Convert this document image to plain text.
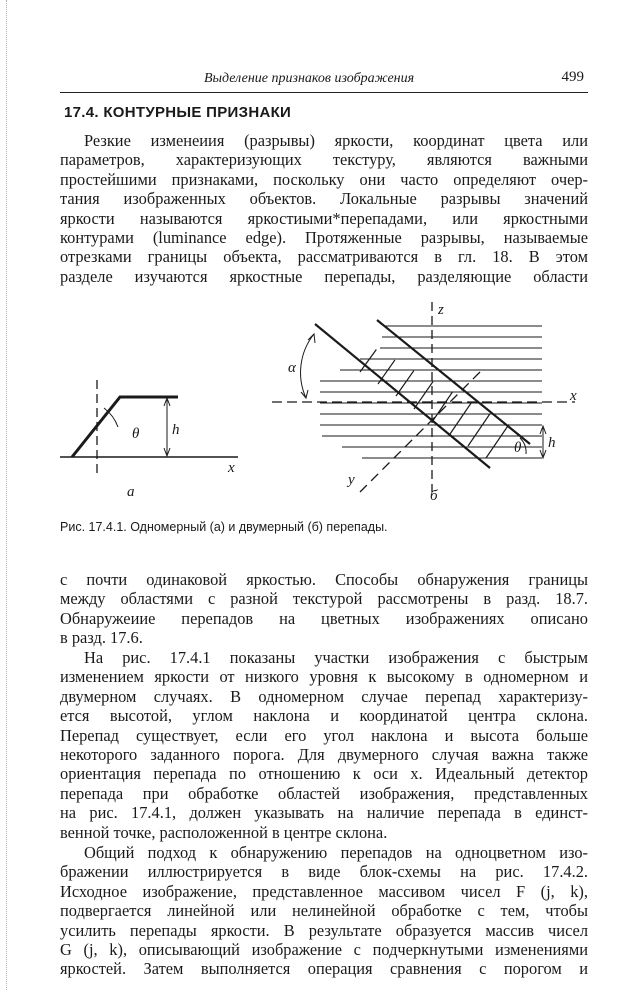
Выделение признаков изображения	499
17.4. КОНТУРНЫЕ ПРИЗНАКИ

Резкие изменеиия (разрывы) яркости, координат цвета или
параметров, характеризующих текстуру, являются важными
простейшими признаками, поскольку они часто определяют очер-
тания изображенных объектов. Локальные разрывы значений
яркости называются яркостиыми*перепадами, или яркостными
контурами (luminance edge). Протяженные разрывы, называемые
отрезками границы объекта, рассматриваются в гл. 18. В этом
разделе изучаются яркостные перепады, разделяющие области

θ h
x
а
z
α
x
θ h
y
б
Рис. 17.4.1. Одномерный (а) и двумерный (б) перепады.

с почти одинаковой яркостью. Способы обнаружения границы
между областями с разной текстурой рассмотрены в разд. 18.7.
Обнаружеиие перепадов на цветных изображениях описано
в разд. 17.6.

На рис. 17.4.1 показаны участки изображения с быстрым
изменением яркости от низкого уровня к высокому в одномерном и
двумерном случаях. В одномерном случае перепад характеризу-
ется высотой, углом наклона и координатой центра склона.
Перепад существует, если его угол наклона и высота больше
некоторого заданного порога. Для двумерного случая важна также
ориентация перепада по отношению к оси x. Идеальный детектор
перепада при обработке областей изображения, представленных
на рис. 17.4.1, должен указывать на наличие перепада в единст-
венной точке, расположенной в центре склона.

Общий подход к обнаружению перепадов на одноцветном изо-
бражении иллюстрируется в виде блок-схемы на рис. 17.4.2.
Исходное изображение, представленное массивом чисел F (j, k),
подвергается линейной или нелинейной обработке с тем, чтобы
усилить перепады яркости. В результате образуется массив чисел
G (j, k), описывающий изображение с подчеркнутыми изменениями
яркостей. Затем выполняется операция сравнения с порогом и
